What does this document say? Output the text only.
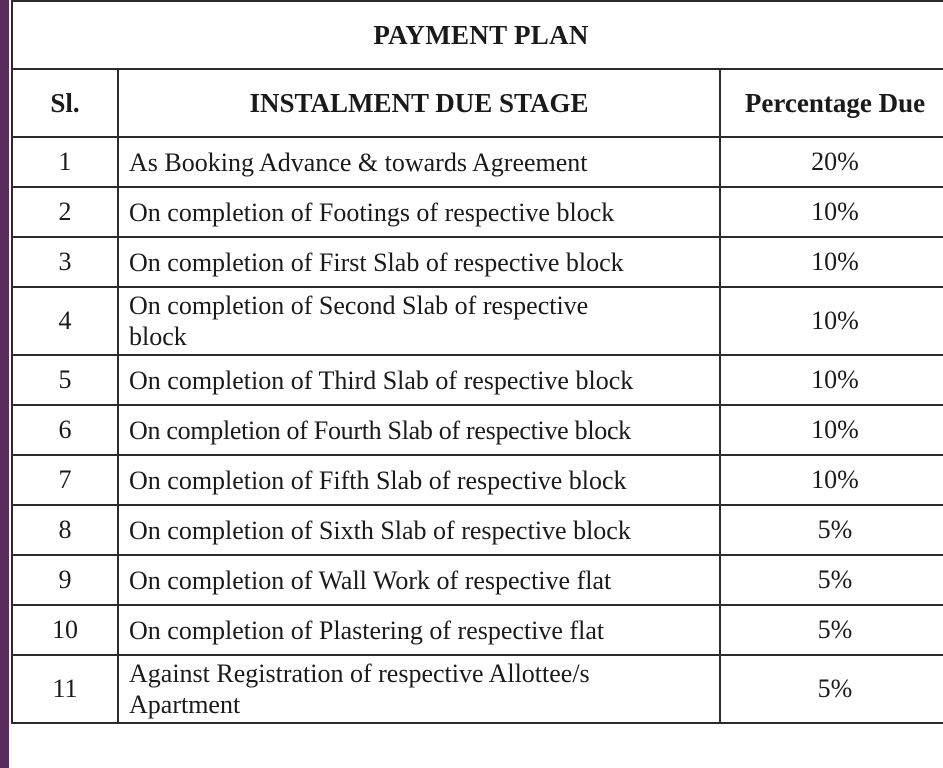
PAYMENT PLAN		
Sl.	INSTALMENT DUE STAGE	Percentage Due
1	As Booking Advance & towards Agreement	20%
2	On completion of Footings of respective block	10%
3	On completion of First Slab of respective block	10%
4	On completion of Second Slab of respective block	10%
5	On completion of Third Slab of respective block	10%
6	On completion of Fourth Slab of respective block	10%
7	On completion of Fifth Slab of respective block	10%
8	On completion of Sixth Slab of respective block	5%
9	On completion of Wall Work of respective flat	5%
10	On completion of Plastering of respective flat	5%
11	Against Registration of respective Allottee/s Apartment	5%
